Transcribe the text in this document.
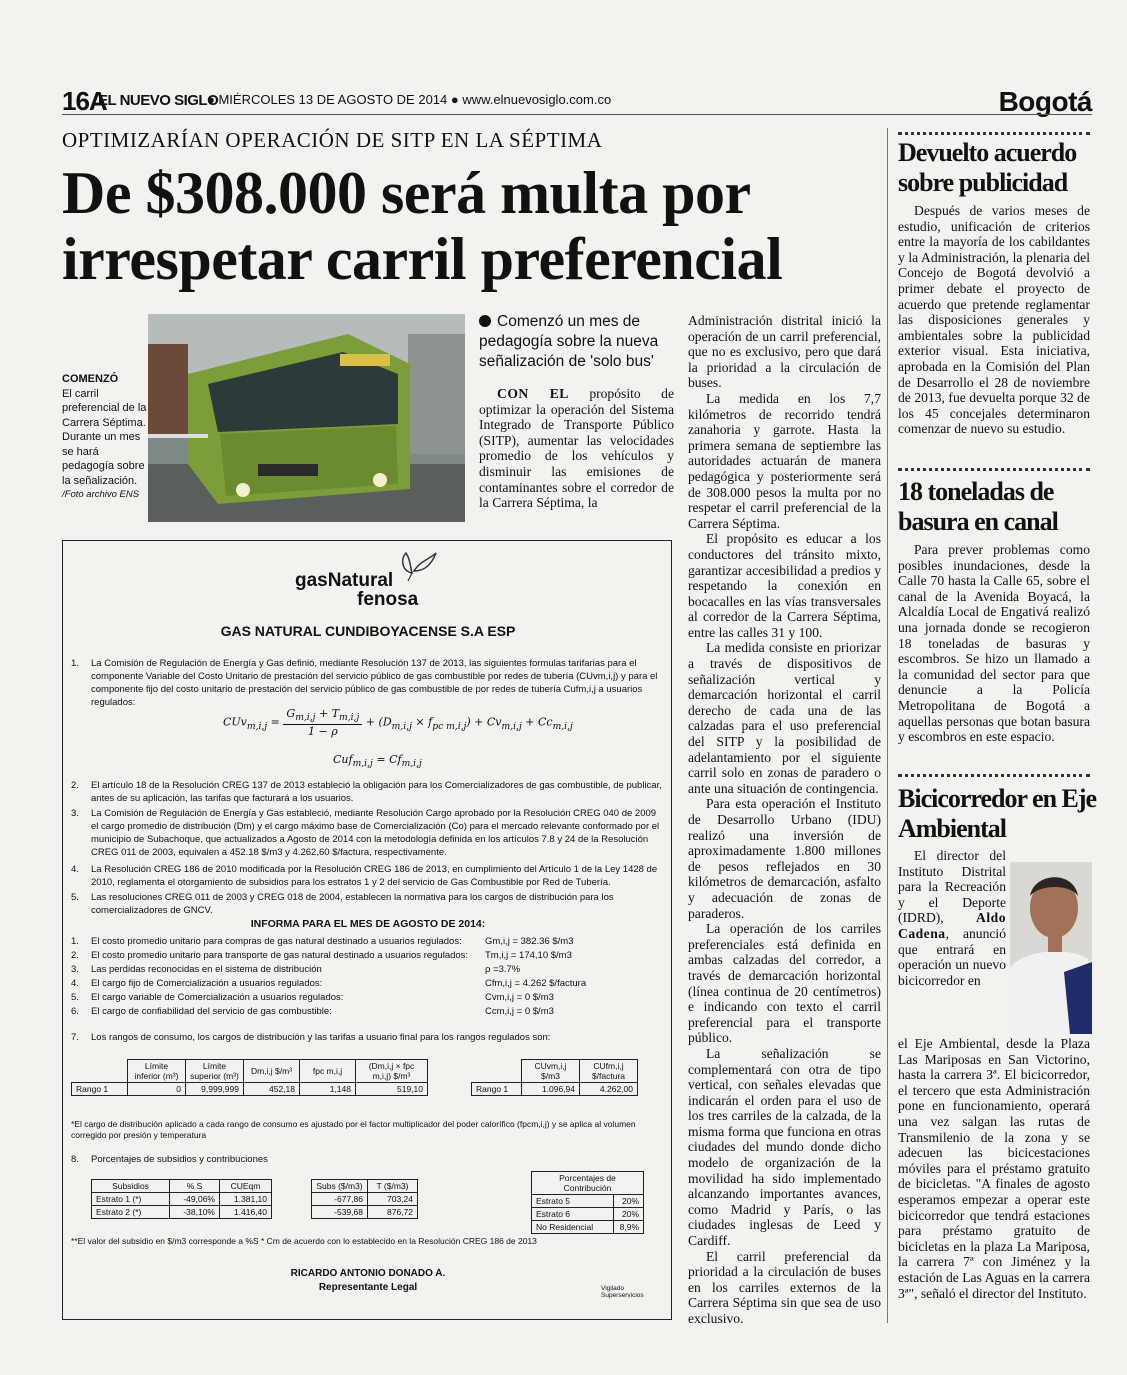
16A
EL NUEVO SIGLO
● MIÉRCOLES 13 DE AGOSTO DE 2014 ● www.elnuevosiglo.com.co	Bogotá
OPTIMIZARÍAN OPERACIÓN DE SITP EN LA SÉPTIMA
De $308.000 será multa por irrespetar carril preferencial
COMENZÓ
El carril preferencial de la Carrera Séptima. Durante un mes se hará pedagogía sobre la señalización.
/Foto archivo ENS
Comenzó un mes de pedagogía sobre la nueva señalización de 'solo bus'

CON EL propósito de optimizar la operación del Sistema Integrado de Transporte Público (SITP), aumentar las velocidades promedio de los vehículos y disminuir las emisiones de contaminantes sobre el corredor de la Carrera Séptima, la

Administración distrital inició la operación de un carril preferencial, que no es exclusivo, pero que dará la prioridad a la circulación de buses.

La medida en los 7,7 kilómetros de recorrido tendrá zanahoria y garrote. Hasta la primera semana de septiembre las autoridades actuarán de manera pedagógica y posteriormente será de 308.000 pesos la multa por no respetar el carril preferencial de la Carrera Séptima.

El propósito es educar a los conductores del tránsito mixto, garantizar accesibilidad a predios y respetando la conexión en bocacalles en las vías transversales al corredor de la Carrera Séptima, entre las calles 31 y 100.

La medida consiste en priorizar a través de dispositivos de señalización vertical y demarcación horizontal el carril derecho de cada una de las calzadas para el uso preferencial del SITP y la posibilidad de adelantamiento por el siguiente carril solo en zonas de paradero o ante una situación de contingencia.

Para esta operación el Instituto de Desarrollo Urbano (IDU) realizó una inversión de aproximadamente 1.800 millones de pesos reflejados en 30 kilómetros de demarcación, asfalto y adecuación de zonas de paraderos.

La operación de los carriles preferenciales está definida en ambas calzadas del corredor, a través de demarcación horizontal (línea continua de 20 centímetros) e indicando con texto el carril preferencial para el transporte público.

La señalización se complementará con otra de tipo vertical, con señales elevadas que indicarán el orden para el uso de los tres carriles de la calzada, de la misma forma que funciona en otras ciudades del mundo donde dicho modelo de organización de la movilidad ha sido implementado alcanzando importantes avances, como Madrid y París, o las ciudades inglesas de Leed y Cardiff.

El carril preferencial da prioridad a la circulación de buses en los carriles externos de la Carrera Séptima sin que sea de uso exclusivo.

gasNatural
fenosa
GAS NATURAL CUNDIBOYACENSE S.A ESP
1. La Comisión de Regulación de Energía y Gas definió, mediante Resolución 137 de 2013, las siguientes formulas tarifarias para el componente Variable del Costo Unitario de prestación del servicio público de gas combustible por redes de tubería (CUvm,i,j) y para el componente fijo del costo unitario de prestación del servicio público de gas combustible de por redes de tubería Cufm,i,j a usuarios regulados:
$CUv_{m,i,j} = \frac{G_{m,i,j} + T_{m,i,j}}{1 - \rho} + (D_{m,i,j} \times f_{pc m,i,j}) + Cv_{m,i,j} + Cc_{m,i,j}$
$Cuf_{m,i,j} = Cf_{m,i,j}$
2. El artículo 18 de la Resolución CREG 137 de 2013 estableció la obligación para los Comercializadores de gas combustible, de publicar, antes de su aplicación, las tarifas que facturará a los usuarios.
3. La Comisión de Regulación de Energía y Gas estableció, mediante Resolución Cargo aprobado por la Resolución CREG 040 de 2009 el cargo promedio de distribución (Dm) y el cargo máximo base de Comercialización (Co) para el mercado relevante conformado por el municipio de Subachoque, que actualizados a Agosto de 2014 con la metodología definida en los artículos 7.8 y 24 de la Resolución CREG 011 de 2003, equivalen a 452.18 $/m3 y 4.262,60 $/factura, respectivamente.
4. La Resolución CREG 186 de 2010 modificada por la Resolución CREG 186 de 2013, en cumplimiento del Artículo 1 de la Ley 1428 de 2010, reglamenta el otorgamiento de subsidios para los estratos 1 y 2 del servicio de Gas Combustible por Red de Tubería.
5. Las resoluciones CREG 011 de 2003 y CREG 018 de 2004, establecen la normativa para los cargos de distribución para los comercializadores de GNCV.
INFORMA PARA EL MES DE AGOSTO DE 2014:
1. El costo promedio unitario para compras de gas natural destinado a usuarios regulados: Gm,i,j = 382.36 $/m3
2. El costo promedio unitario para transporte de gas natural destinado a usuarios regulados: Tm,i,j = 174,10 $/m3
3. Las perdidas reconocidas en el sistema de distribución	ρ =3.7%
4. El cargo fijo de Comercialización a usuarios regulados:	Cfm,i,j = 4.262 $/factura
5. El cargo variable de Comercialización a usuarios regulados:	Cvm,i,j = 0 $/m3
6. El cargo de confiabilidad del servicio de gas combustible:	Ccm,i,j = 0 $/m3
7. Los rangos de consumo, los cargos de distribución y las tarifas a usuario final para los rangos regulados son:
	Límite inferior (m³)	Límite superior (m³)	Dm,i,j $/m³	fpc m,i,j	(Dm,i,j × fpc m,i,j) $/m³
Rango 1	0	9,999,999	452,18	1,148	519,10
	CUvm,i,j $/m3	CUfm,i,j $/factura
Rango 1	1.096,94	4.262,00
*El cargo de distribución aplicado a cada rango de consumo es ajustado por el factor multiplicador del poder calorífico (fpcm,i,j) y se aplica al volumen corregido por presión y temperatura
8. Porcentajes de subsidios y contribuciones
Subsidios	% S	CUEqm
Estrato 1 (*)	-49,06%	1.381,10
Estrato 2 (*)	-38,10%	1.416,40
Subs ($/m3)	T ($/m3)
-677,86	703,24
-539,68	876,72
Porcentajes de Contribución	
Estrato 5	20%
Estrato 6	20%
No Residencial	8,9%
**El valor del subsidio en $/m3 corresponde a %S * Cm de acuerdo con lo establecido en la Resolución CREG 186 de 2013
RICARDO ANTONIO DONADO A.
Representante Legal	Vigilado Superservicios
Devuelto acuerdo sobre publicidad

Después de varios meses de estudio, unificación de criterios entre la mayoría de los cabildantes y la Administración, la plenaria del Concejo de Bogotá devolvió a primer debate el proyecto de acuerdo que pretende reglamentar las disposiciones generales y ambientales sobre la publicidad exterior visual. Esta iniciativa, aprobada en la Comisión del Plan de Desarrollo el 28 de noviembre de 2013, fue devuelta porque 32 de los 45 concejales determinaron comenzar de nuevo su estudio.

18 toneladas de basura en canal

Para prever problemas como posibles inundaciones, desde la Calle 70 hasta la Calle 65, sobre el canal de la Avenida Boyacá, la Alcaldía Local de Engativá realizó una jornada donde se recogieron 18 toneladas de basuras y escombros. Se hizo un llamado a la comunidad del sector para que denuncie a la Policía Metropolitana de Bogotá a aquellas personas que botan basura y escombros en este espacio.

Bicicorredor en Eje Ambiental

El director del Instituto Distrital para la Recreación y el Deporte (IDRD), Aldo Cadena, anunció que entrará en operación un nuevo bicicorredor en

el Eje Ambiental, desde la Plaza Las Mariposas en San Victorino, hasta la carrera 3ª. El bicicorredor, el tercero que esta Administración pone en funcionamiento, operará una vez salgan las rutas de Transmilenio de la zona y se adecuen las bicicestaciones móviles para el préstamo gratuito de bicicletas. "A finales de agosto esperamos empezar a operar este bicicorredor que tendrá estaciones para préstamo gratuito de bicicletas en la plaza La Mariposa, la carrera 7ª con Jiménez y la estación de Las Aguas en la carrera 3ª", señaló el director del Instituto.
